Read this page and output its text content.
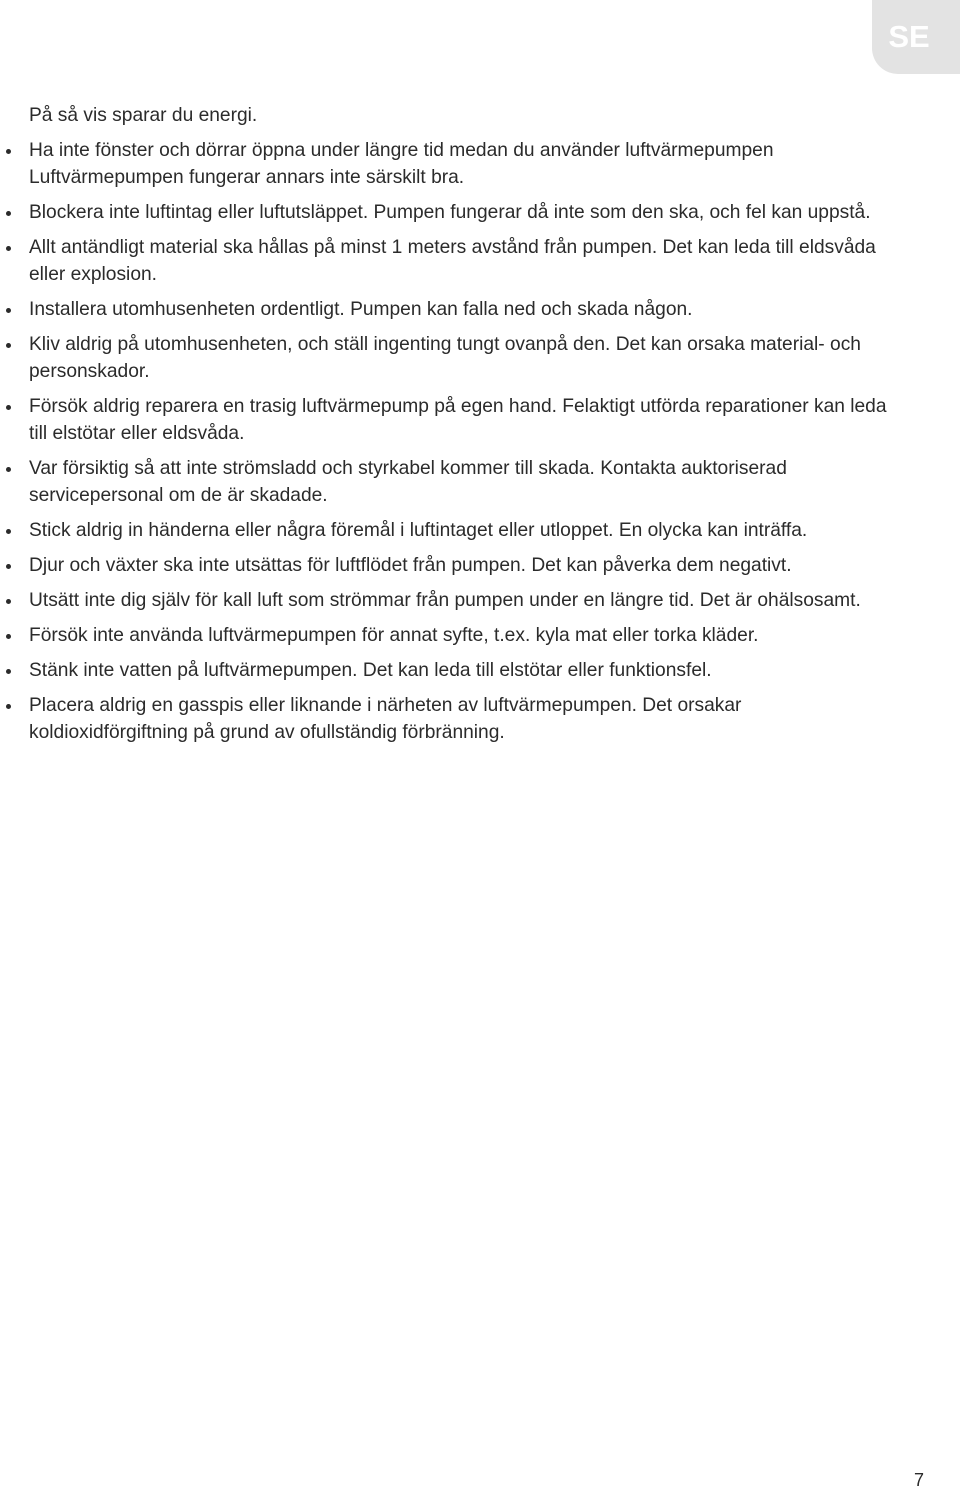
SE

På så vis sparar du energi.

Ha inte fönster och dörrar öppna under längre tid medan du använder luftvärmepumpen Luftvärmepumpen fungerar annars inte särskilt bra.
Blockera inte luftintag eller luftutsläppet. Pumpen fungerar då inte som den ska, och fel kan uppstå.
Allt antändligt material ska hållas på minst 1 meters avstånd från pumpen. Det kan leda till eldsvåda eller explosion.
Installera utomhusenheten ordentligt. Pumpen kan falla ned och skada någon.
Kliv aldrig på utomhusenheten, och ställ ingenting tungt ovanpå den. Det kan orsaka material- och personskador.
Försök aldrig reparera en trasig luftvärmepump på egen hand. Felaktigt utförda reparationer kan leda till elstötar eller eldsvåda.
Var försiktig så att inte strömsladd och styrkabel kommer till skada. Kontakta auktoriserad servicepersonal om de är skadade.
Stick aldrig in händerna eller några föremål i luftintaget eller utloppet. En olycka kan inträffa.
Djur och växter ska inte utsättas för luftflödet från pumpen. Det kan påverka dem negativt.
Utsätt inte dig själv för kall luft som strömmar från pumpen under en längre tid. Det är ohälsosamt.
Försök inte använda luftvärmepumpen för annat syfte, t.ex. kyla mat eller torka kläder.
Stänk inte vatten på luftvärmepumpen. Det kan leda till elstötar eller funktionsfel.
Placera aldrig en gasspis eller liknande i närheten av luftvärmepumpen. Det orsakar koldioxidförgiftning på grund av ofullständig förbränning.
7
